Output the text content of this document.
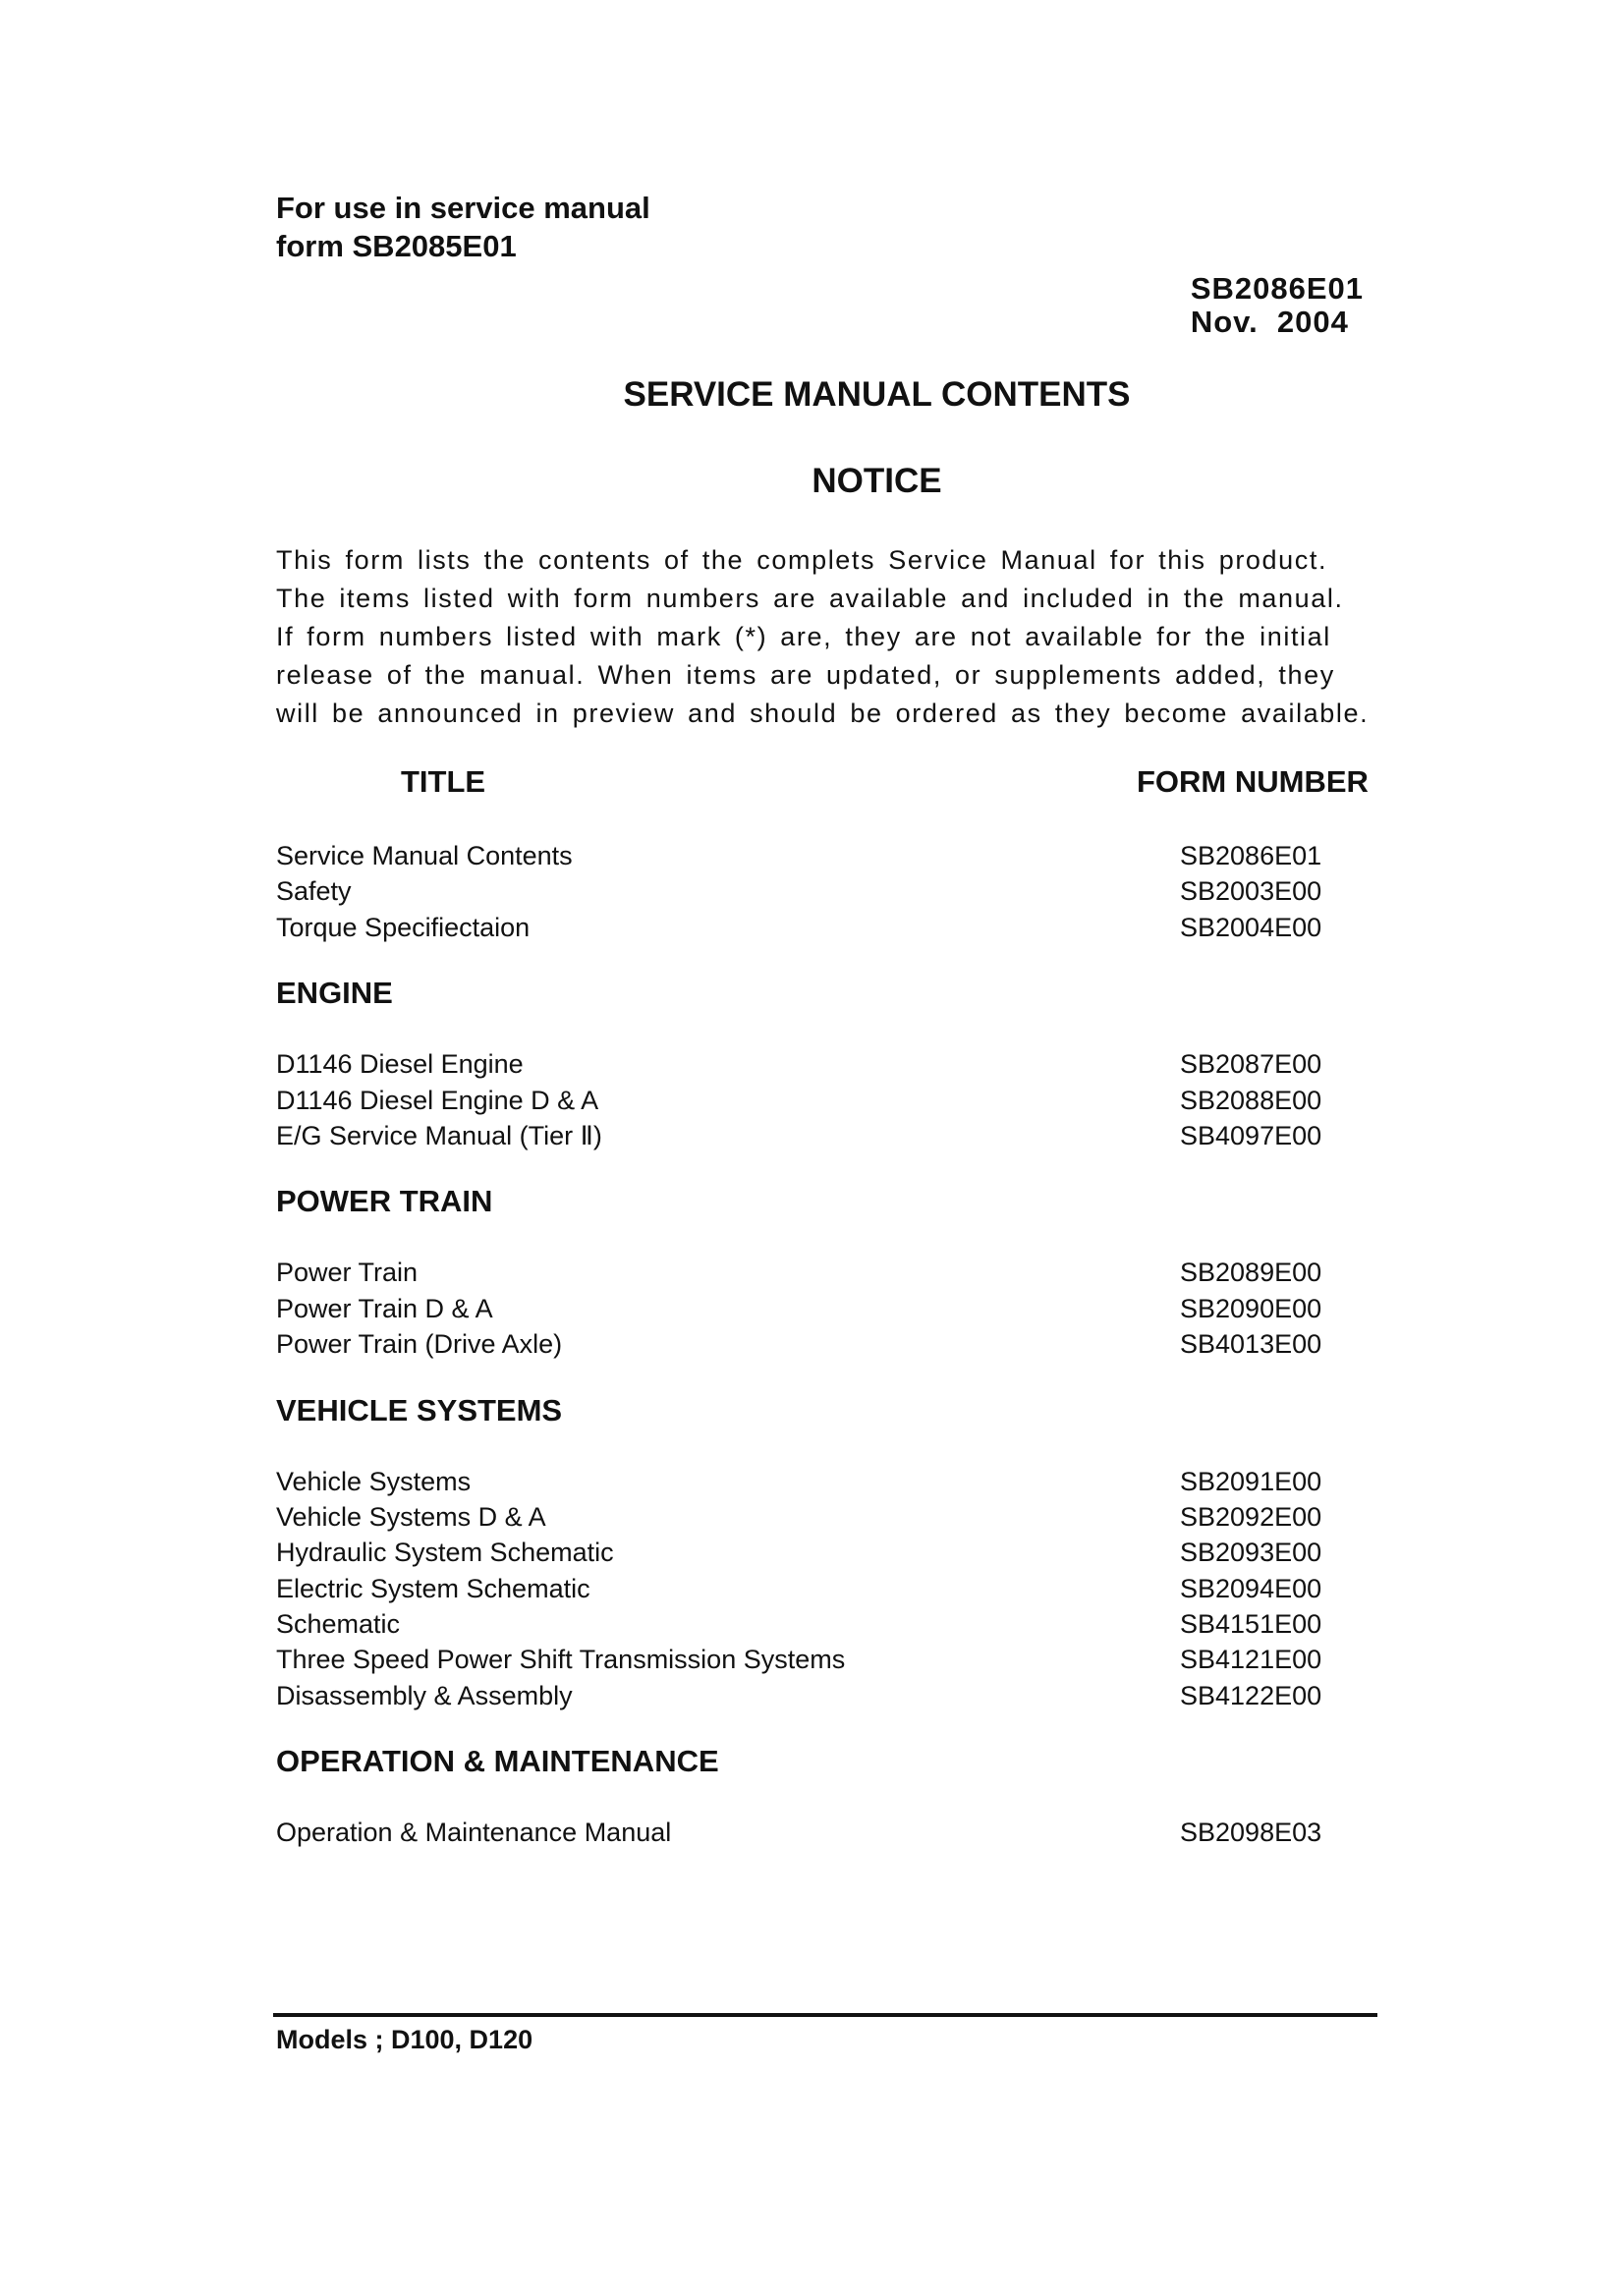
For use in service manual
form SB2085E01
SB2086E01
Nov.  2004
SERVICE MANUAL CONTENTS
NOTICE
This form lists the contents of the complets Service Manual for this product.
The items listed with form numbers are available and included in the manual.
If form numbers listed with mark (*) are, they are not available for the initial
release of the manual. When items are updated, or supplements added, they
will be announced in preview and should be ordered as they become available.
TITLE	FORM NUMBER
Service Manual Contents	SB2086E01
Safety	SB2003E00
Torque Specifiectaion	SB2004E00
ENGINE
D1146 Diesel Engine	SB2087E00
D1146 Diesel Engine D & A	SB2088E00
E/G Service Manual (Tier Ⅱ)	SB4097E00
POWER TRAIN
Power Train	SB2089E00
Power Train D & A	SB2090E00
Power Train (Drive Axle)	SB4013E00
VEHICLE SYSTEMS
Vehicle Systems	SB2091E00
Vehicle Systems D & A	SB2092E00
Hydraulic System Schematic	SB2093E00
Electric System Schematic	SB2094E00
Schematic	SB4151E00
Three Speed Power Shift Transmission Systems	SB4121E00
Disassembly & Assembly	SB4122E00
OPERATION & MAINTENANCE
Operation & Maintenance Manual	SB2098E03
Models ; D100, D120
